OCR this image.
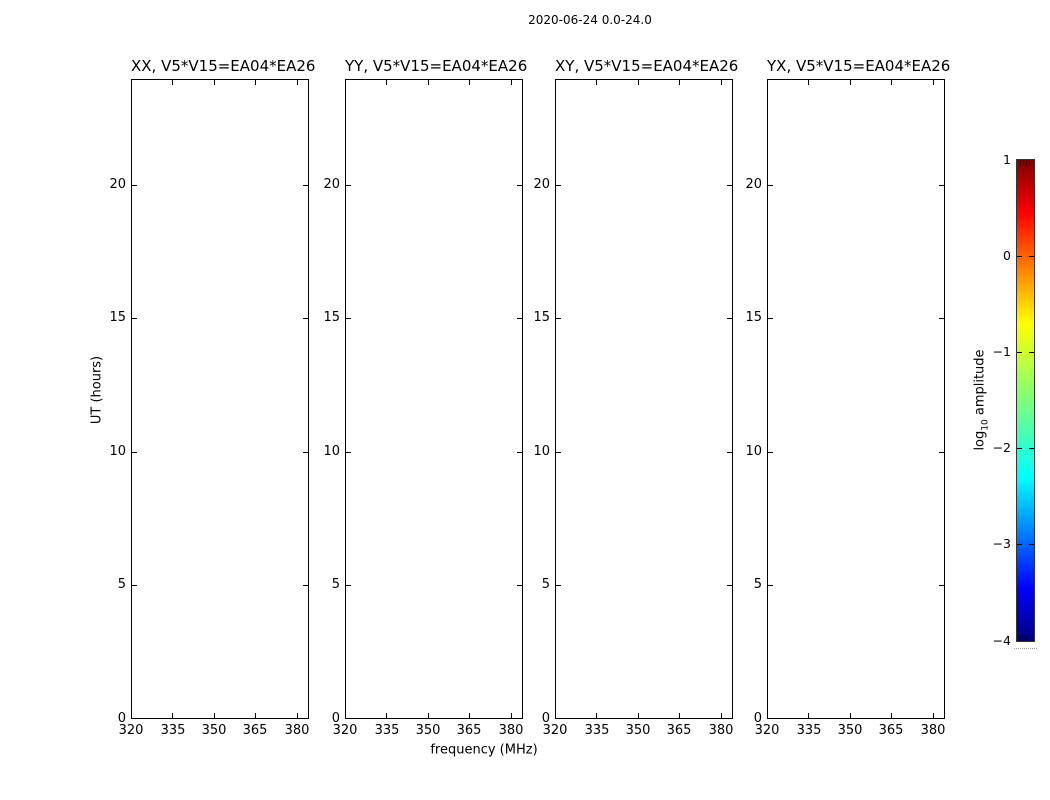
2020-06-24 0.0-24.0
UT (hours)
frequency (MHz)
XX, V5*V15=EA04*EA26
20
15
10
5
0
320	335	350	365	380
YY, V5*V15=EA04*EA26
20
15
10
5
0
320	335	350	365	380
XY, V5*V15=EA04*EA26
20
15
10
5
0
320	335	350	365	380
YX, V5*V15=EA04*EA26
20
15
10
5
0
320	335	350	365	380
1
0
−1
−2
−3
−4
$\log_{10}$ amplitude
